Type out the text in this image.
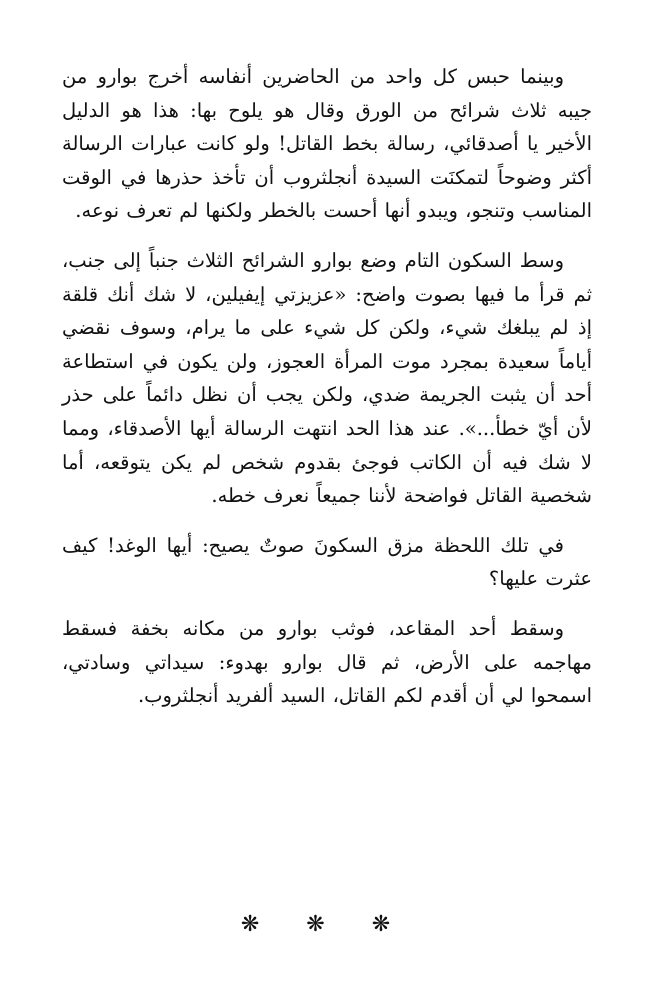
وبينما حبس كل واحد من الحاضرين أنفاسه أخرج بوارو من جيبه ثلاث شرائح من الورق وقال هو يلوح بها: هذا هو الدليل الأخير يا أصدقائي، رسالة بخط القاتل! ولو كانت عبارات الرسالة أكثر وضوحاً لتمكنَت السيدة أنجلثروب أن تأخذ حذرها في الوقت المناسب وتنجو، ويبدو أنها أحست بالخطر ولكنها لم تعرف نوعه.

وسط السكون التام وضع بوارو الشرائح الثلاث جنباً إلى جنب، ثم قرأ ما فيها بصوت واضح: «عزيزتي إيفيلين، لا شك أنك قلقة إذ لم يبلغك شيء، ولكن كل شيء على ما يرام، وسوف نقضي أياماً سعيدة بمجرد موت المرأة العجوز، ولن يكون في استطاعة أحد أن يثبت الجريمة ضدي، ولكن يجب أن نظل دائماً على حذر لأن أيّ خطأ...». عند هذا الحد انتهت الرسالة أيها الأصدقاء، ومما لا شك فيه أن الكاتب فوجئ بقدوم شخص لم يكن يتوقعه، أما شخصية القاتل فواضحة لأننا جميعاً نعرف خطه.

في تلك اللحظة مزق السكونَ صوتٌ يصيح: أيها الوغد! كيف عثرت عليها؟

وسقط أحد المقاعد، فوثب بوارو من مكانه بخفة فسقط مهاجمه على الأرض، ثم قال بوارو بهدوء: سيداتي وسادتي، اسمحوا لي أن أقدم لكم القاتل، السيد ألفريد أنجلثروب.

❋ ❋ ❋
